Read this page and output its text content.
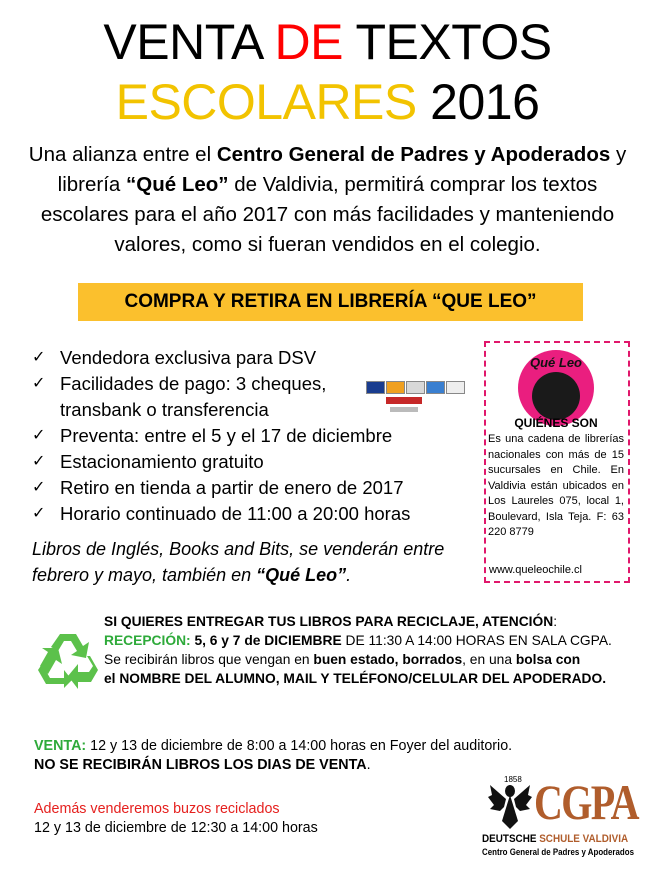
VENTA DE TEXTOS
ESCOLARES 2016
Una alianza entre el Centro General de Padres y Apoderados y librería “Qué Leo” de Valdivia, permitirá comprar los textos escolares para el año 2017 con más facilidades y manteniendo valores, como si fueran vendidos en el colegio.
COMPRA Y RETIRA EN LIBRERÍA “QUE LEO”
✓ Vendedora exclusiva para DSV
✓ Facilidades de pago: 3 cheques,
transbank o transferencia
✓ Preventa: entre el 5 y el 17 de diciembre
✓ Estacionamiento gratuito
✓ Retiro en tienda a partir de enero de 2017
✓ Horario continuado de 11:00 a 20:00 horas
Libros de Inglés, Books and Bits, se venderán entre febrero y mayo, también en “Qué Leo”.
Qué Leo
QUIÉNES SON
Es una cadena de librerías nacionales con más de 15 sucursales en Chile. En Valdivia están ubicados en Los Laureles 075, local 1, Boulevard, Isla Teja. F: 63 220 8779
www.queleochile.cl
SI QUIERES ENTREGAR TUS LIBROS PARA RECICLAJE, ATENCIÓN:
RECEPCIÓN: 5, 6 y 7 de DICIEMBRE DE 11:30 A 14:00 HORAS EN SALA CGPA.
Se recibirán libros que vengan en buen estado, borrados, en una bolsa con
el NOMBRE DEL ALUMNO, MAIL Y TELÉFONO/CELULAR DEL APODERADO.
VENTA: 12 y 13 de diciembre de 8:00 a 14:00 horas en Foyer del auditorio.
NO SE RECIBIRÁN LIBROS LOS DIAS DE VENTA.
Además venderemos buzos reciclados
12 y 13 de diciembre de 12:30 a 14:00 horas
1858 CGPA
DEUTSCHE SCHULE VALDIVIA
Centro General de Padres y Apoderados
